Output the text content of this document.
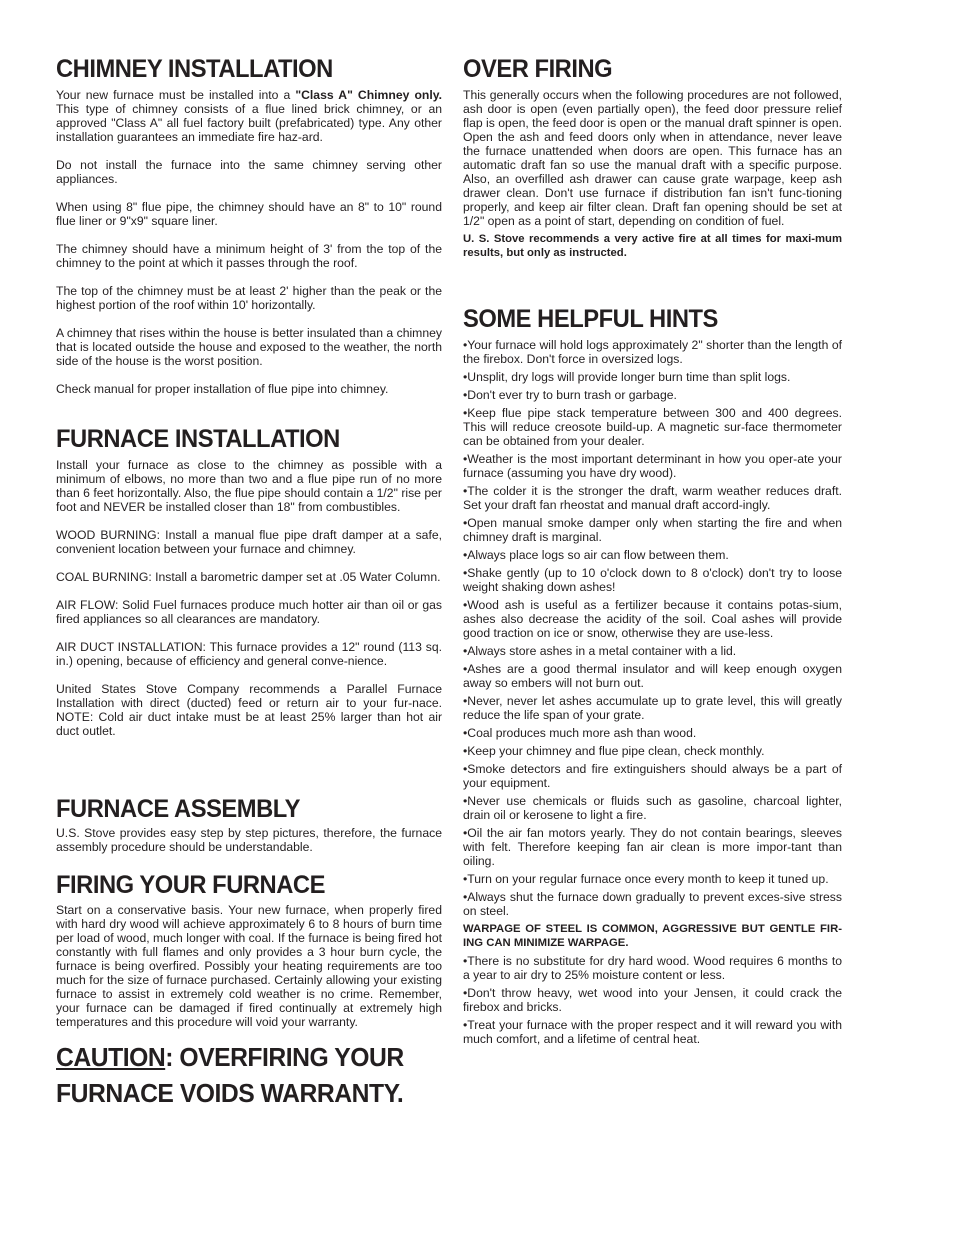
CHIMNEY INSTALLATION

Your new furnace must be installed into a "Class A" Chimney only. This type of chimney consists of a flue lined brick chimney, or an approved "Class A" all fuel factory built (prefabricated) type. Any other installation guarantees an immediate fire haz-ard.

Do not install the furnace into the same chimney serving other appliances.

When using 8" flue pipe, the chimney should have an 8" to 10" round flue liner or 9"x9" square liner.

The chimney should have a minimum height of 3' from the top of the chimney to the point at which it passes through the roof.

The top of the chimney must be at least 2' higher than the peak or the highest portion of the roof within 10' horizontally.

A chimney that rises within the house is better insulated than a chimney that is located outside the house and exposed to the weather, the north side of the house is the worst position.

Check manual for proper installation of flue pipe into chimney.

FURNACE INSTALLATION

Install your furnace as close to the chimney as possible with a minimum of elbows, no more than two and a flue pipe run of no more than 6 feet horizontally. Also, the flue pipe should contain a 1/2" rise per foot and NEVER be installed closer than 18" from combustibles.

WOOD BURNING: Install a manual flue pipe draft damper at a safe, convenient location between your furnace and chimney.

COAL BURNING: Install a barometric damper set at .05 Water Column.

AIR FLOW: Solid Fuel furnaces produce much hotter air than oil or gas fired appliances so all clearances are mandatory.

AIR DUCT INSTALLATION: This furnace provides a 12" round (113 sq. in.) opening, because of efficiency and general conve-nience.

United States Stove Company recommends a Parallel Furnace Installation with direct (ducted) feed or return air to your fur-nace. NOTE: Cold air duct intake must be at least 25% larger than hot air duct outlet.

FURNACE ASSEMBLY

U.S. Stove provides easy step by step pictures, therefore, the furnace assembly procedure should be understandable.

FIRING YOUR FURNACE

Start on a conservative basis. Your new furnace, when properly fired with hard dry wood will achieve approximately 6 to 8 hours of burn time per load of wood, much longer with coal. If the furnace is being fired hot constantly with full flames and only provides a 3 hour burn cycle, the furnace is being overfired. Possibly your heating requirements are too much for the size of furnace purchased. Certainly allowing your existing furnace to assist in extremely cold weather is no crime. Remember, your furnace can be damaged if fired continually at extremely high temperatures and this procedure will void your warranty.

CAUTION: OVERFIRING YOUR
FURNACE VOIDS WARRANTY.
OVER FIRING

This generally occurs when the following procedures are not followed, ash door is open (even partially open), the feed door pressure relief flap is open, the feed door is open or the manual draft spinner is open. Open the ash and feed doors only when in attendance, never leave the furnace unattended when doors are open. This furnace has an automatic draft fan so use the manual draft with a specific purpose. Also, an overfilled ash drawer can cause grate warpage, keep ash drawer clean. Don't use furnace if distribution fan isn't func-tioning properly, and keep air filter clean. Draft fan opening should be set at 1/2" open as a point of start, depending on condition of fuel.

U. S. Stove recommends a very active fire at all times for maxi-mum results, but only as instructed.

SOME HELPFUL HINTS

•Your furnace will hold logs approximately 2" shorter than the length of the firebox. Don't force in oversized logs.

•Unsplit, dry logs will provide longer burn time than split logs.

•Don't ever try to burn trash or garbage.

•Keep flue pipe stack temperature between 300 and 400 degrees. This will reduce creosote build-up. A magnetic sur-face thermometer can be obtained from your dealer.

•Weather is the most important determinant in how you oper-ate your furnace (assuming you have dry wood).

•The colder it is the stronger the draft, warm weather reduces draft. Set your draft fan rheostat and manual draft accord-ingly.

•Open manual smoke damper only when starting the fire and when chimney draft is marginal.

•Always place logs so air can flow between them.

•Shake gently (up to 10 o'clock down to 8 o'clock) don't try to loose weight shaking down ashes!

•Wood ash is useful as a fertilizer because it contains potas-sium, ashes also decrease the acidity of the soil. Coal ashes will provide good traction on ice or snow, otherwise they are use-less.

•Always store ashes in a metal container with a lid.

•Ashes are a good thermal insulator and will keep enough oxygen away so embers will not burn out.

•Never, never let ashes accumulate up to grate level, this will greatly reduce the life span of your grate.

•Coal produces much more ash than wood.

•Keep your chimney and flue pipe clean, check monthly.

•Smoke detectors and fire extinguishers should always be a part of your equipment.

•Never use chemicals or fluids such as gasoline, charcoal lighter, drain oil or kerosene to light a fire.

•Oil the air fan motors yearly. They do not contain bearings, sleeves with felt. Therefore keeping fan air clean is more impor-tant than oiling.

•Turn on your regular furnace once every month to keep it tuned up.

•Always shut the furnace down gradually to prevent exces-sive stress on steel.

WARPAGE OF STEEL IS COMMON, AGGRESSIVE BUT GENTLE FIR-ING CAN MINIMIZE WARPAGE.

•There is no substitute for dry hard wood. Wood requires 6 months to a year to air dry to 25% moisture content or less.

•Don't throw heavy, wet wood into your Jensen, it could crack the firebox and bricks.

•Treat your furnace with the proper respect and it will reward you with much comfort, and a lifetime of central heat.
